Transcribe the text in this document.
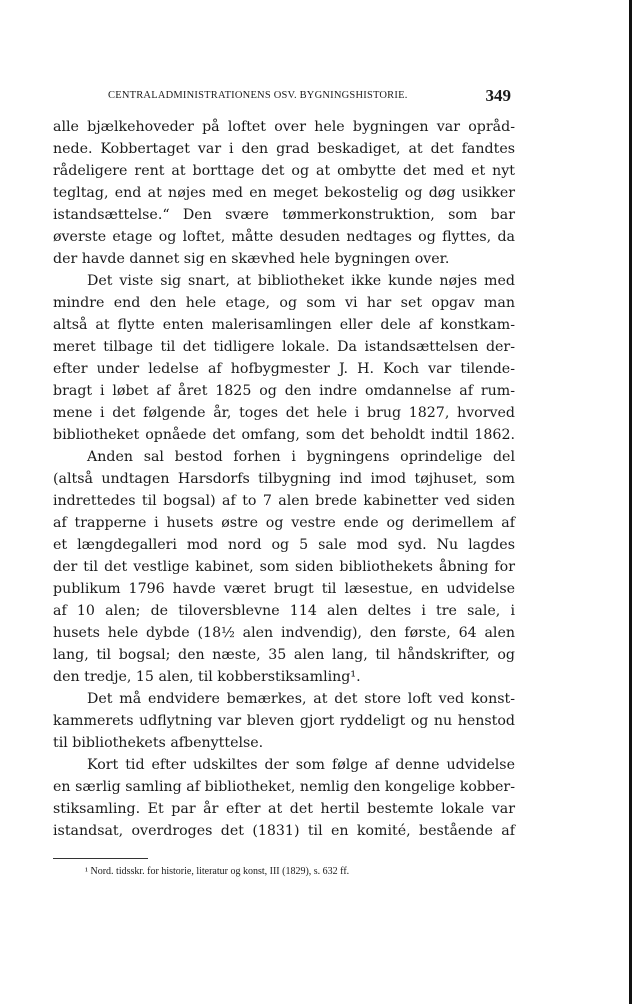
CENTRALADMINISTRATIONENS OSV. BYGNINGSHISTORIE.	349
alle bjælkehoveder på loftet over hele bygningen var opråd-
nede. Kobbertaget var i den grad beskadiget, at det fandtes
rådeligere rent at borttage det og at ombytte det med et nyt
tegltag, end at nøjes med en meget bekostelig og døg usikker
istandsættelse.“ Den svære tømmerkonstruktion, som bar
øverste etage og loftet, måtte desuden nedtages og flyttes, da
der havde dannet sig en skævhed hele bygningen over.
Det viste sig snart, at bibliotheket ikke kunde nøjes med
mindre end den hele etage, og som vi har set opgav man
altså at flytte enten malerisamlingen eller dele af konstkam-
meret tilbage til det tidligere lokale. Da istandsættelsen der-
efter under ledelse af hofbygmester J. H. Koch var tilende-
bragt i løbet af året 1825 og den indre omdannelse af rum-
mene i det følgende år, toges det hele i brug 1827, hvorved
bibliotheket opnåede det omfang, som det beholdt indtil 1862.
Anden sal bestod forhen i bygningens oprindelige del
(altså undtagen Harsdorfs tilbygning ind imod tøjhuset, som
indrettedes til bogsal) af to 7 alen brede kabinetter ved siden
af trapperne i husets østre og vestre ende og derimellem af
et længdegalleri mod nord og 5 sale mod syd. Nu lagdes
der til det vestlige kabinet, som siden bibliothekets åbning for
publikum 1796 havde været brugt til læsestue, en udvidelse
af 10 alen; de tiloversblevne 114 alen deltes i tre sale, i
husets hele dybde (18½ alen indvendig), den første, 64 alen
lang, til bogsal; den næste, 35 alen lang, til håndskrifter, og
den tredje, 15 alen, til kobberstiksamling¹.
Det må endvidere bemærkes, at det store loft ved konst-
kammerets udflytning var bleven gjort ryddeligt og nu henstod
til bibliothekets afbenyttelse.
Kort tid efter udskiltes der som følge af denne udvidelse
en særlig samling af bibliotheket, nemlig den kongelige kobber-
stiksamling. Et par år efter at det hertil bestemte lokale var
istandsat, overdroges det (1831) til en komité, bestående af
¹ Nord. tidsskr. for historie, literatur og konst, III (1829), s. 632 ff.
